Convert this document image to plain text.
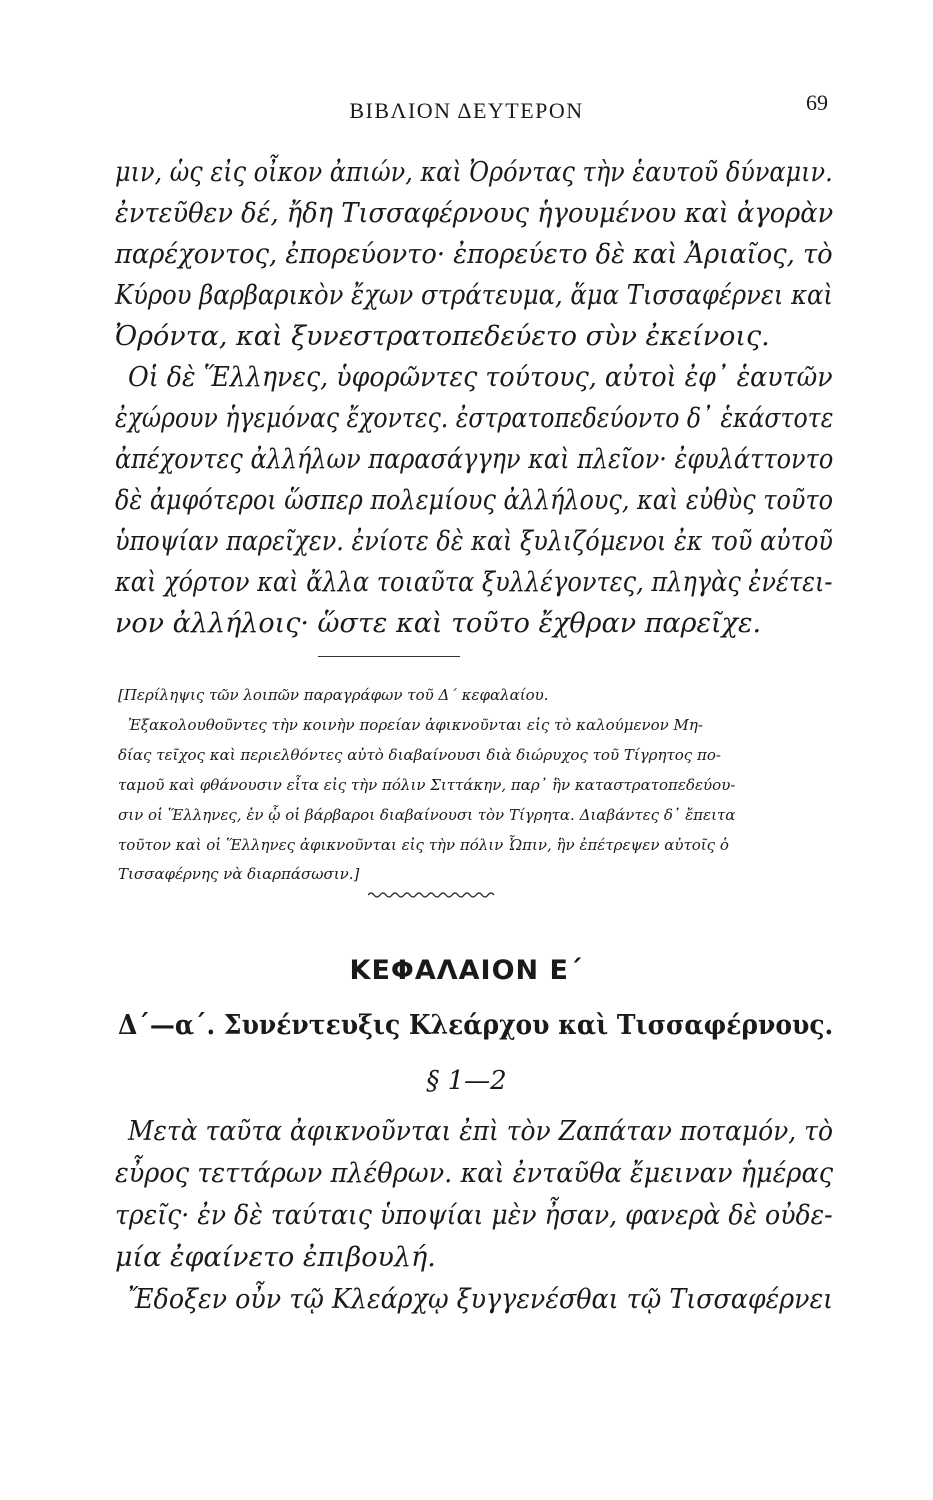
ΒΙΒΛΙΟΝ ΔΕΥΤΕΡΟΝ	69
μιν, ὡς εἰς οἶκον ἀπιών, καὶ Ὀρόντας τὴν ἑαυτοῦ δύναμιν.
ἐντεῦθεν δέ, ἤδη Τισσαφέρνους ἡγουμένου καὶ ἀγορὰν
παρέχοντος, ἐπορεύοντο· ἐπορεύετο δὲ καὶ Ἀριαῖος, τὸ
Κύρου βαρβαρικὸν ἔχων στράτευμα, ἅμα Τισσαφέρνει καὶ
Ὀρόντα, καὶ ξυνεστρατοπεδεύετο σὺν ἐκείνοις.
Οἱ δὲ Ἕλληνες, ὑφορῶντες τούτους, αὐτοὶ ἐφ᾽ ἑαυτῶν
ἐχώρουν ἡγεμόνας ἔχοντες. ἐστρατοπεδεύοντο δ᾽ ἑκάστοτε
ἀπέχοντες ἀλλήλων παρασάγγην καὶ πλεῖον· ἐφυλάττοντο
δὲ ἀμφότεροι ὥσπερ πολεμίους ἀλλήλους, καὶ εὐθὺς τοῦτο
ὑποψίαν παρεῖχεν. ἐνίοτε δὲ καὶ ξυλιζόμενοι ἐκ τοῦ αὐτοῦ
καὶ χόρτον καὶ ἄλλα τοιαῦτα ξυλλέγοντες, πληγὰς ἐνέτει-
νον ἀλλήλοις· ὥστε καὶ τοῦτο ἔχθραν παρεῖχε.
[Περίληψις τῶν λοιπῶν παραγράφων τοῦ Δ´ κεφαλαίου.
Ἐξακολουθοῦντες τὴν κοινὴν πορείαν ἀφικνοῦνται εἰς τὸ καλούμενον Μη-
δίας τεῖχος καὶ περιελθόντες αὐτὸ διαβαίνουσι διὰ διώρυχος τοῦ Τίγρητος πο-
ταμοῦ καὶ φθάνουσιν εἶτα εἰς τὴν πόλιν Σιττάκην, παρ᾽ ἣν καταστρατοπεδεύου-
σιν οἱ Ἕλληνες, ἐν ᾧ οἱ βάρβαροι διαβαίνουσι τὸν Τίγρητα. Διαβάντες δ᾽ ἔπειτα
τοῦτον καὶ οἱ Ἕλληνες ἀφικνοῦνται εἰς τὴν πόλιν Ὦπιν, ἣν ἐπέτρεψεν αὐτοῖς ὁ
Τισσαφέρνης νὰ διαρπάσωσιν.]
ΚΕΦΑΛΑΙΟΝ Ε´
Δ´—α´. Συνέντευξις Κλεάρχου καὶ Τισσαφέρνους.
§ 1—2
Μετὰ ταῦτα ἀφικνοῦνται ἐπὶ τὸν Ζαπάταν ποταμόν, τὸ
εὖρος τεττάρων πλέθρων. καὶ ἐνταῦθα ἔμειναν ἡμέρας
τρεῖς· ἐν δὲ ταύταις ὑποψίαι μὲν ἦσαν, φανερὰ δὲ οὐδε-
μία ἐφαίνετο ἐπιβουλή.
Ἔδοξεν οὖν τῷ Κλεάρχῳ ξυγγενέσθαι τῷ Τισσαφέρνει
